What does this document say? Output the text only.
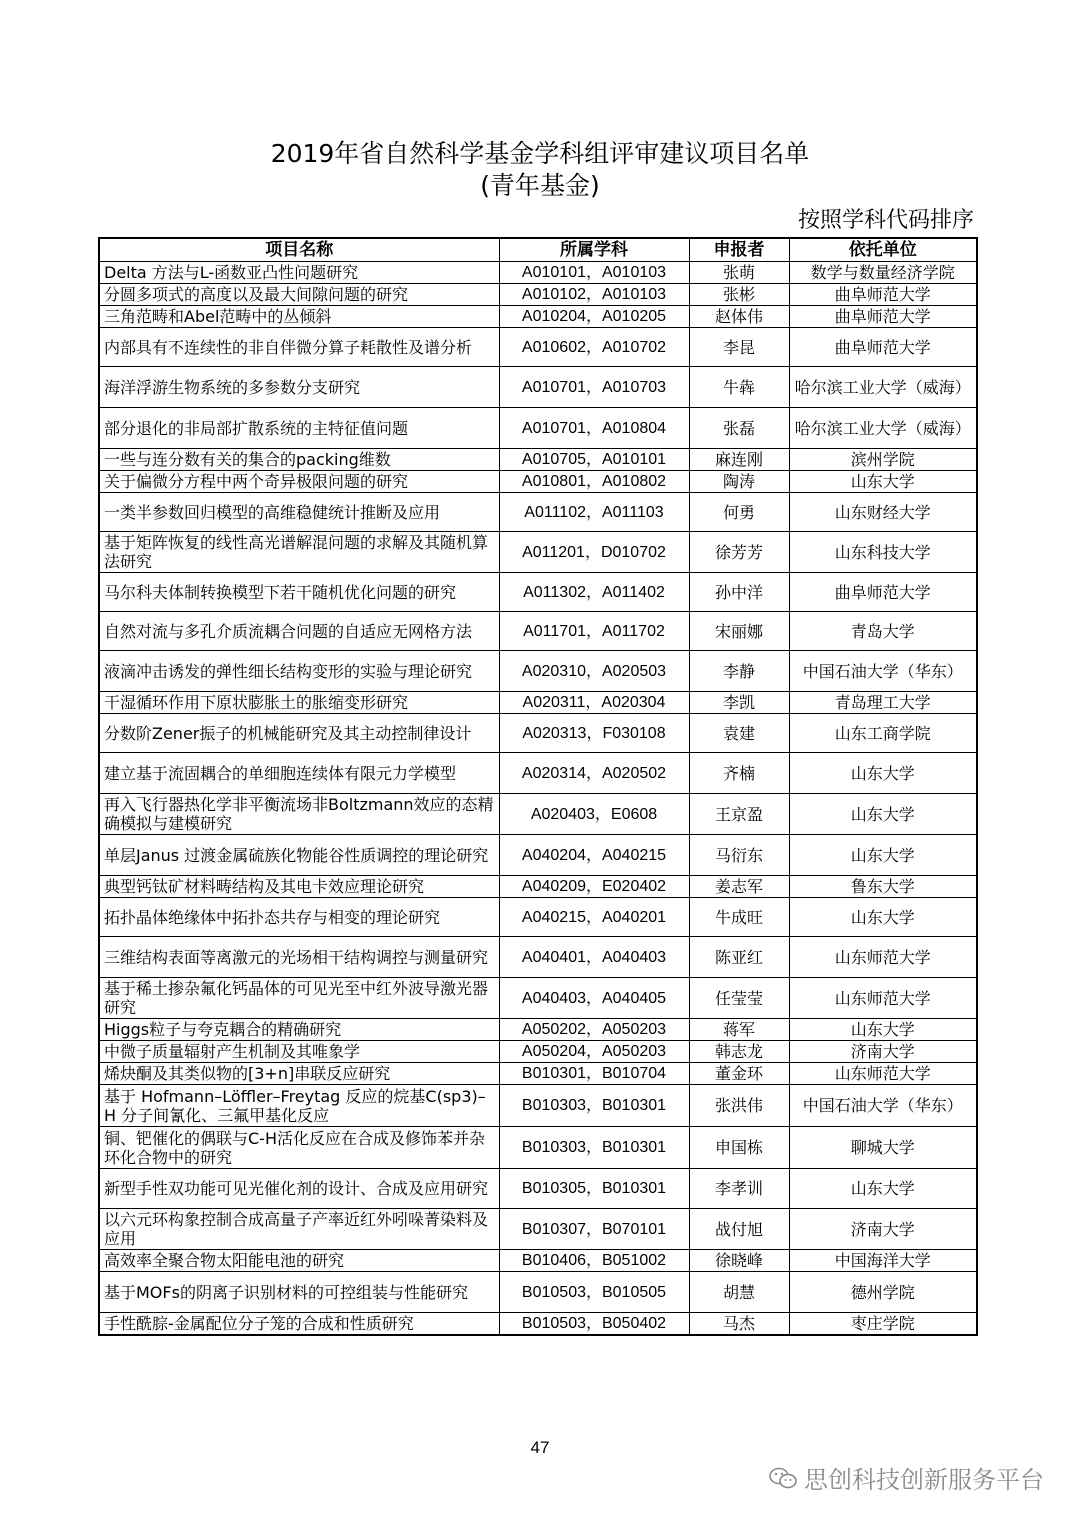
2019年省自然科学基金学科组评审建议项目名单
(青年基金)
按照学科代码排序
项目名称	所属学科	申报者	依托单位
Delta 方法与L-函数亚凸性问题研究	A010101，A010103	张萌	数学与数量经济学院
分圆多项式的高度以及最大间隙问题的研究	A010102，A010103	张彬	曲阜师范大学
三角范畴和Abel范畴中的丛倾斜	A010204，A010205	赵体伟	曲阜师范大学
内部具有不连续性的非自伴微分算子耗散性及谱分析	A010602，A010702	李昆	曲阜师范大学
海洋浮游生物系统的多参数分支研究	A010701，A010703	牛犇	哈尔滨工业大学（威海）
部分退化的非局部扩散系统的主特征值问题	A010701，A010804	张磊	哈尔滨工业大学（威海）
一些与连分数有关的集合的packing维数	A010705，A010101	麻连刚	滨州学院
关于偏微分方程中两个奇异极限问题的研究	A010801，A010802	陶涛	山东大学
一类半参数回归模型的高维稳健统计推断及应用	A011102，A011103	何勇	山东财经大学
基于矩阵恢复的线性高光谱解混问题的求解及其随机算法研究	A011201，D010702	徐芳芳	山东科技大学
马尔科夫体制转换模型下若干随机优化问题的研究	A011302，A011402	孙中洋	曲阜师范大学
自然对流与多孔介质流耦合问题的自适应无网格方法	A011701，A011702	宋丽娜	青岛大学
液滴冲击诱发的弹性细长结构变形的实验与理论研究	A020310，A020503	李静	中国石油大学（华东）
干湿循环作用下原状膨胀土的胀缩变形研究	A020311，A020304	李凯	青岛理工大学
分数阶Zener振子的机械能研究及其主动控制律设计	A020313，F030108	袁建	山东工商学院
建立基于流固耦合的单细胞连续体有限元力学模型	A020314，A020502	齐楠	山东大学
再入飞行器热化学非平衡流场非Boltzmann效应的态精确模拟与建模研究	A020403，E0608	王京盈	山东大学
单层Janus 过渡金属硫族化物能谷性质调控的理论研究	A040204，A040215	马衍东	山东大学
典型钙钛矿材料畴结构及其电卡效应理论研究	A040209，E020402	姜志军	鲁东大学
拓扑晶体绝缘体中拓扑态共存与相变的理论研究	A040215，A040201	牛成旺	山东大学
三维结构表面等离激元的光场相干结构调控与测量研究	A040401，A040403	陈亚红	山东师范大学
基于稀土掺杂氟化钙晶体的可见光至中红外波导激光器研究	A040403，A040405	任莹莹	山东师范大学
Higgs粒子与夸克耦合的精确研究	A050202，A050203	蒋军	山东大学
中微子质量辐射产生机制及其唯象学	A050204，A050203	韩志龙	济南大学
烯炔酮及其类似物的[3+n]串联反应研究	B010301，B010704	董金环	山东师范大学
基于 Hofmann–Löffler–Freytag 反应的烷基C(sp3)–H 分子间氰化、三氟甲基化反应	B010303，B010301	张洪伟	中国石油大学（华东）
铜、钯催化的偶联与C-H活化反应在合成及修饰苯并杂环化合物中的研究	B010303，B010301	申国栋	聊城大学
新型手性双功能可见光催化剂的设计、合成及应用研究	B010305，B010301	李孝训	山东大学
以六元环构象控制合成高量子产率近红外吲哚菁染料及应用	B010307，B070101	战付旭	济南大学
高效率全聚合物太阳能电池的研究	B010406，B051002	徐晓峰	中国海洋大学
基于MOFs的阴离子识别材料的可控组装与性能研究	B010503，B010505	胡慧	德州学院
手性酰腙-金属配位分子笼的合成和性质研究	B010503，B050402	马杰	枣庄学院
47
思创科技创新服务平台
